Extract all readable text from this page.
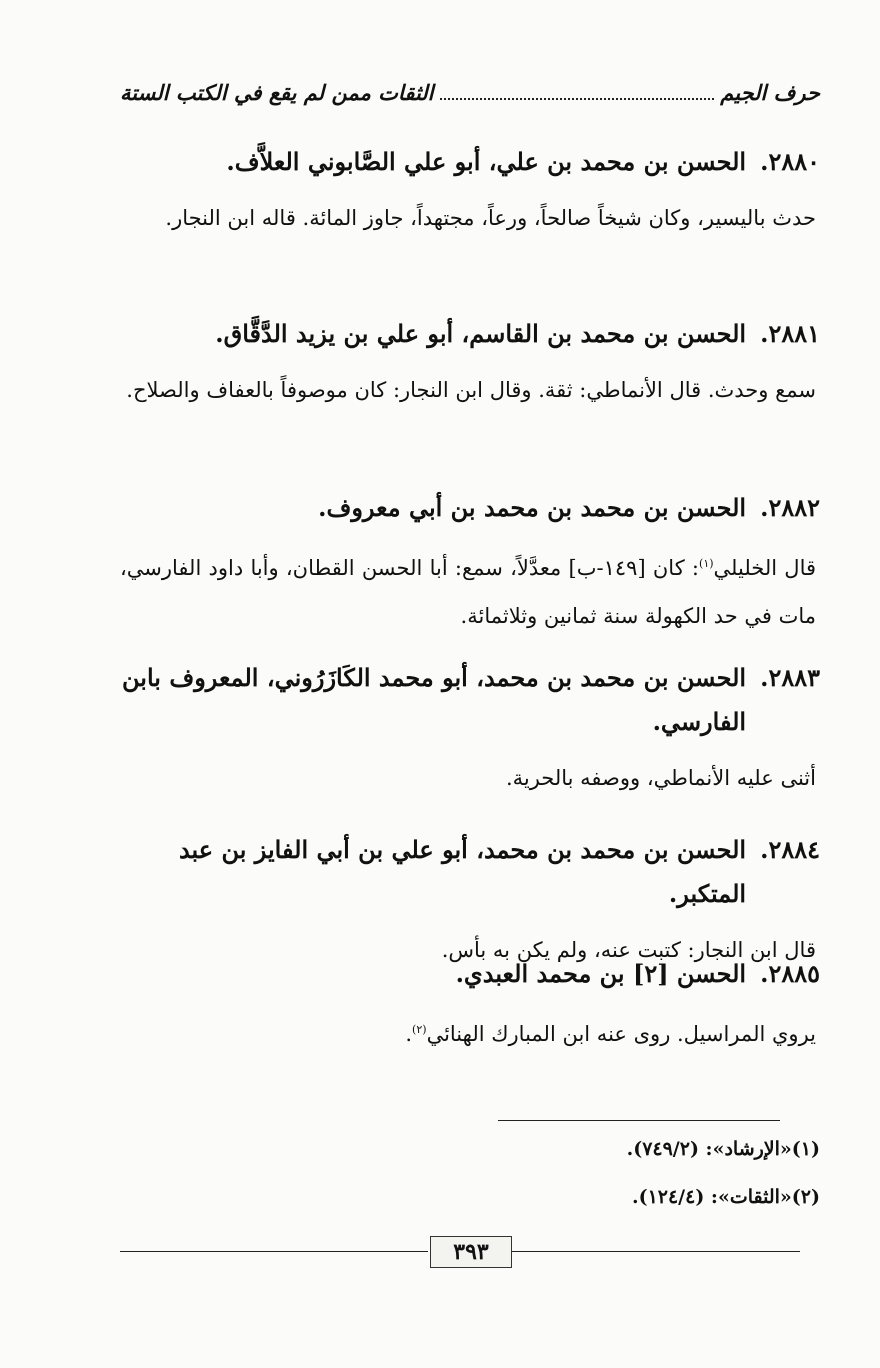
حرف الجيم
الثقات ممن لم يقع في الكتب الستة
٢٨٨٠.
الحسن بن محمد بن علي، أبو علي الصَّابوني العلاَّف.
حدث باليسير، وكان شيخاً صالحاً، ورعاً، مجتهداً، جاوز المائة. قاله ابن النجار.
٢٨٨١.
الحسن بن محمد بن القاسم، أبو علي بن يزيد الدَّقَّاق.
سمع وحدث. قال الأنماطي: ثقة. وقال ابن النجار: كان موصوفاً بالعفاف والصلاح.
٢٨٨٢.
الحسن بن محمد بن محمد بن أبي معروف.
قال الخليلي$^{(١)}$: كان [١٤٩-ب] معدَّلاً، سمع: أبا الحسن القطان، وأبا داود الفارسي، مات في حد الكهولة سنة ثمانين وثلاثمائة.
٢٨٨٣.
الحسن بن محمد بن محمد، أبو محمد الكَازَرُوني، المعروف بابن الفارسي.
أثنى عليه الأنماطي، ووصفه بالحرية.
٢٨٨٤.
الحسن بن محمد بن محمد، أبو علي بن أبي الفايز بن عبد المتكبر.
قال ابن النجار: كتبت عنه، ولم يكن به بأس.
٢٨٨٥.
الحسن [٢] بن محمد العبدي.
يروي المراسيل. روى عنه ابن المبارك الهنائي$^{(٢)}$.
(١)«الإرشاد»: (٧٤٩/٢).
(٢)«الثقات»: (١٢٤/٤).
٣٩٣
